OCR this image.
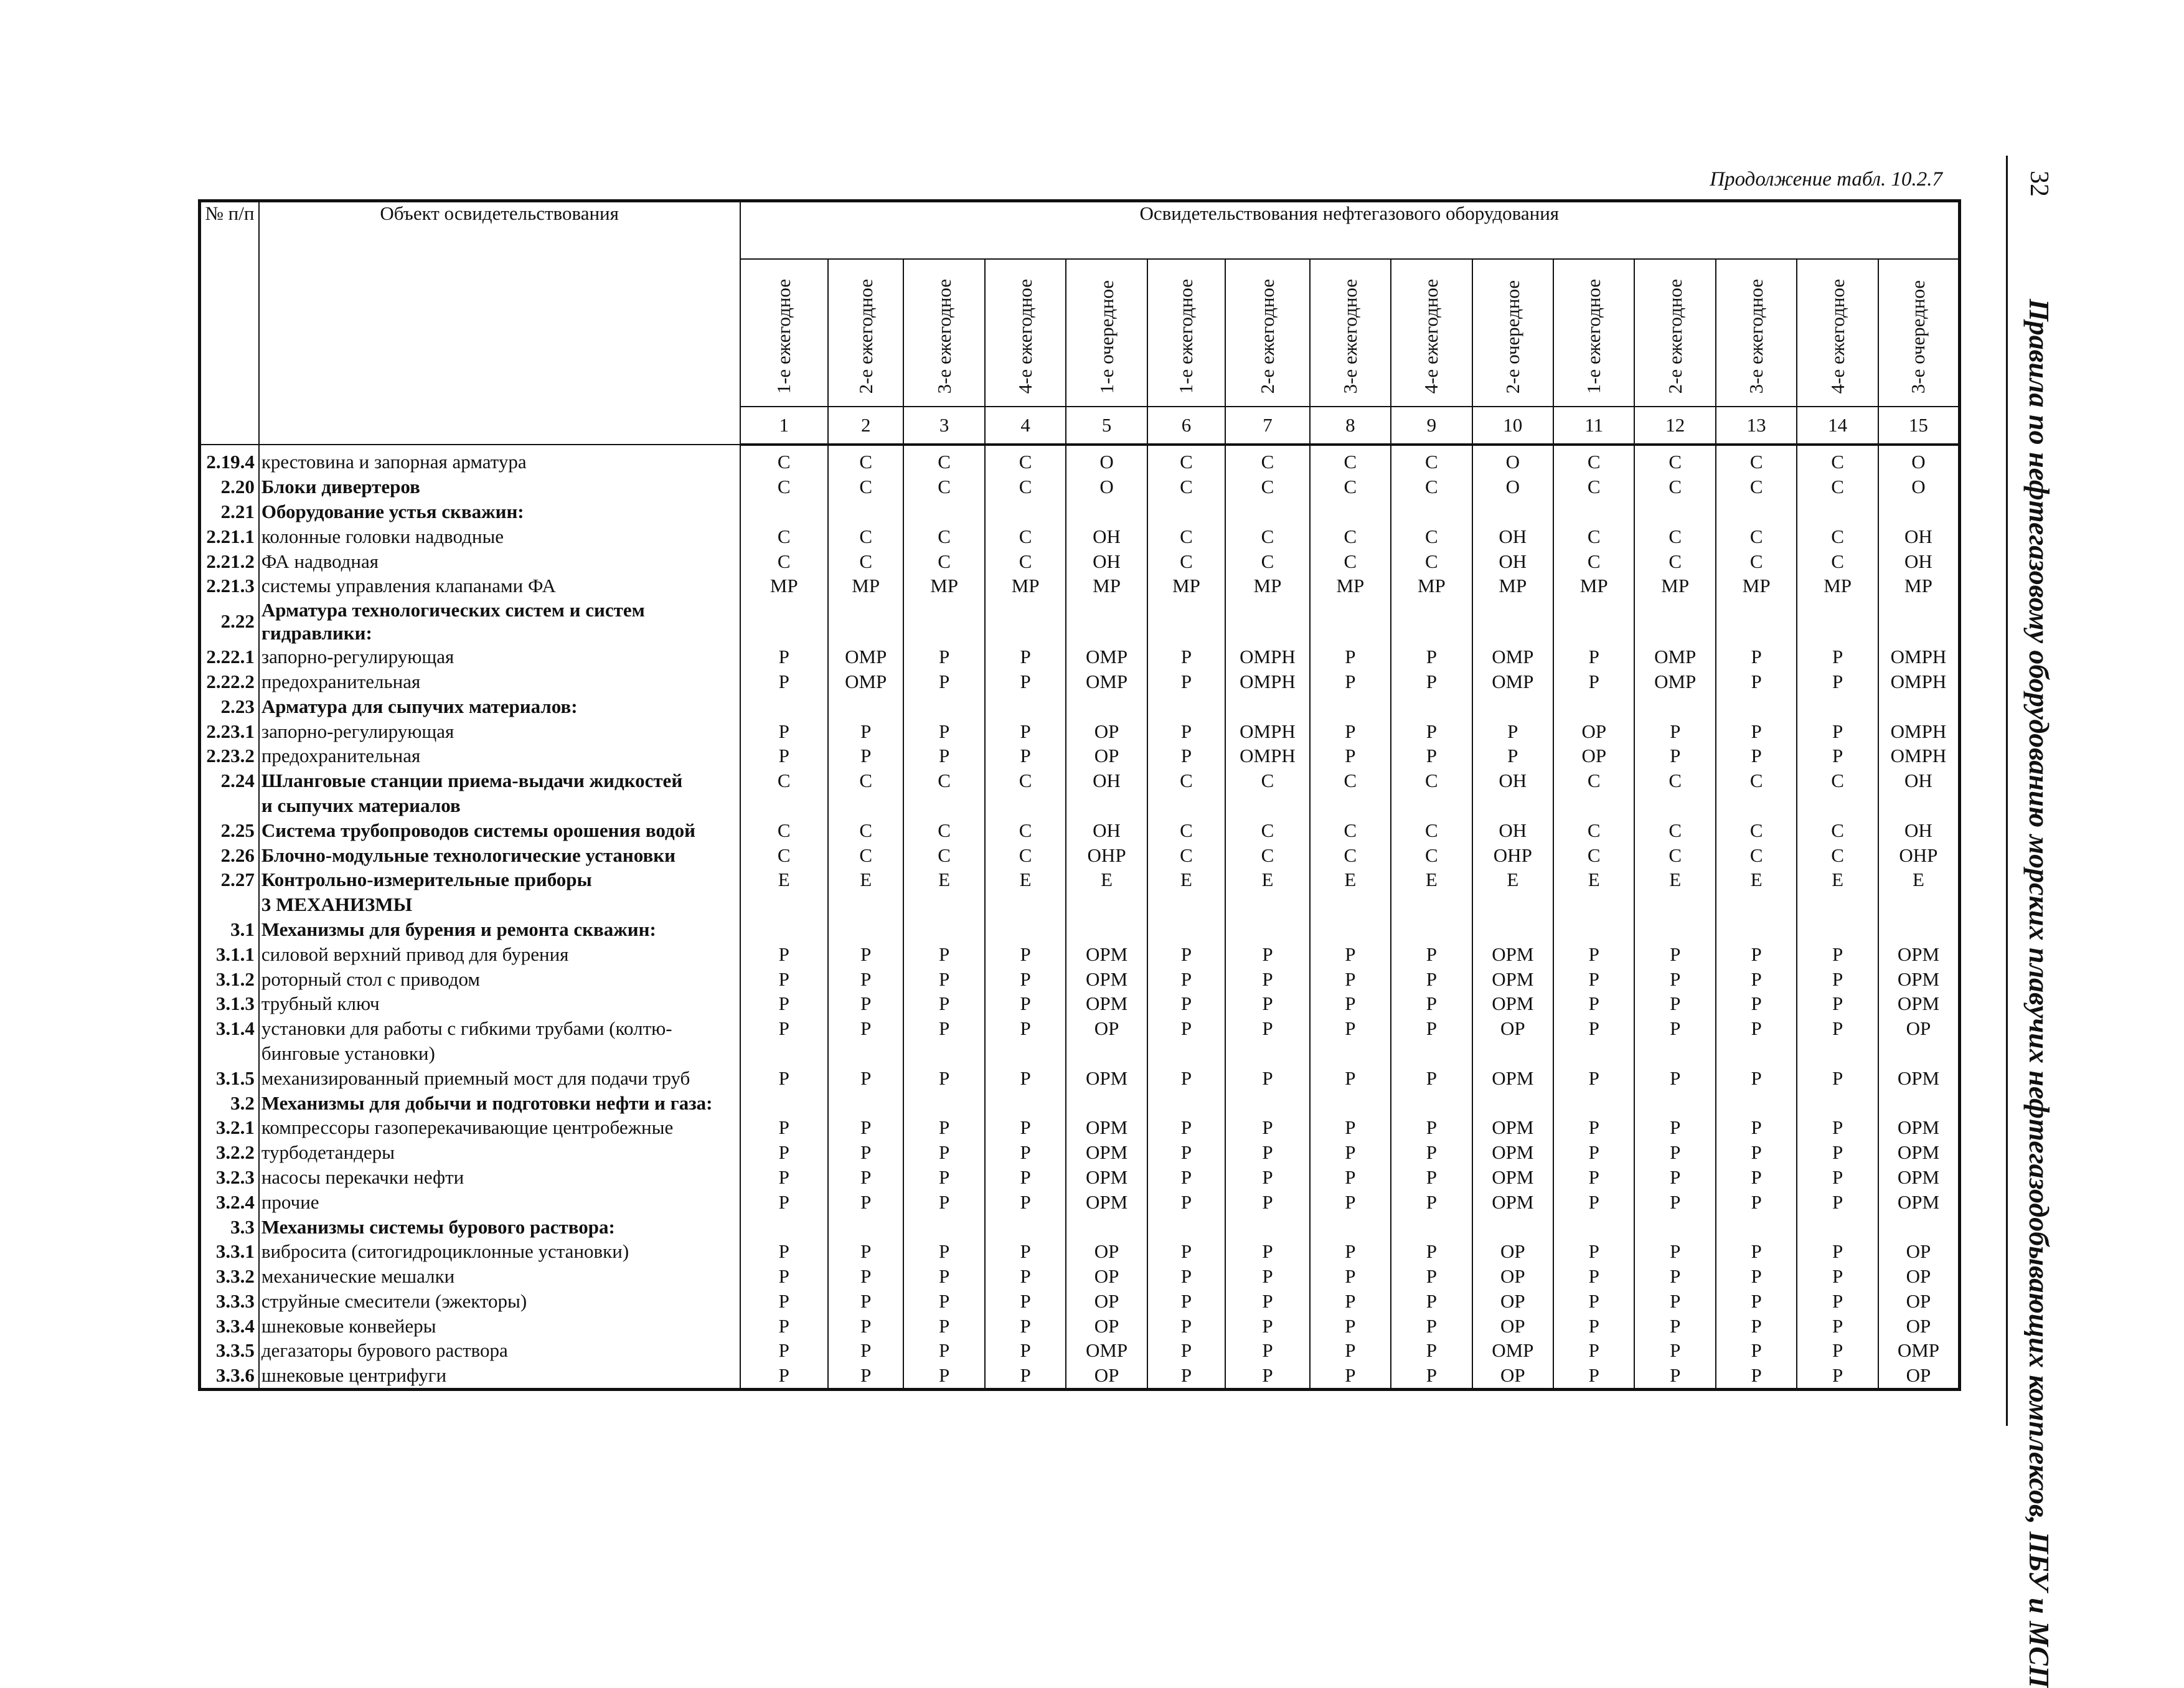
Продолжение табл. 10.2.7	32
Правила по нефтегазовому оборудованию морских плавучих нефтегазодобывающих комплексов, ПБУ и МСП
№ п/п	Объект освидетельствования	Освидетельствования нефтегазового оборудования														
		1-е ежегодное	2-е ежегодное	3-е ежегодное	4-е ежегодное	1-е очередное	1-е ежегодное	2-е ежегодное	3-е ежегодное	4-е ежегодное	2-е очередное	1-е ежегодное	2-е ежегодное	3-е ежегодное	4-е ежегодное	3-е очередное
		1	2	3	4	5	6	7	8	9	10	11	12	13	14	15
2.19.4	крестовина и запорная арматура	С	С	С	С	О	С	С	С	С	О	С	С	С	С	О
2.20	Блоки дивертеров	С	С	С	С	О	С	С	С	С	О	С	С	С	С	О
2.21	Оборудование устья скважин:															
2.21.1	колонные головки надводные	С	С	С	С	ОН	С	С	С	С	ОН	С	С	С	С	ОН
2.21.2	ФА надводная	С	С	С	С	ОН	С	С	С	С	ОН	С	С	С	С	ОН
2.21.3	системы управления клапанами ФА	МР	МР	МР	МР	МР	МР	МР	МР	МР	МР	МР	МР	МР	МР	МР
2.22	Арматура технологических систем и систем гидравлики:															
2.22.1	запорно-регулирующая	Р	ОМР	Р	Р	ОМР	Р	ОМРН	Р	Р	ОМР	Р	ОМР	Р	Р	ОМРН
2.22.2	предохранительная	Р	ОМР	Р	Р	ОМР	Р	ОМРН	Р	Р	ОМР	Р	ОМР	Р	Р	ОМРН
2.23	Арматура для сыпучих материалов:															
2.23.1	запорно-регулирующая	Р	Р	Р	Р	ОР	Р	ОМРН	Р	Р	Р	ОР	Р	Р	Р	ОМРН
2.23.2	предохранительная	Р	Р	Р	Р	ОР	Р	ОМРН	Р	Р	Р	ОР	Р	Р	Р	ОМРН
2.24	Шланговые станции приема-выдачи жидкостей	С	С	С	С	ОН	С	С	С	С	ОН	С	С	С	С	ОН
	и сыпучих материалов															
2.25	Система трубопроводов системы орошения водой	С	С	С	С	ОН	С	С	С	С	ОН	С	С	С	С	ОН
2.26	Блочно-модульные технологические установки	С	С	С	С	ОНР	С	С	С	С	ОНР	С	С	С	С	ОНР
2.27	Контрольно-измерительные приборы	Е	Е	Е	Е	Е	Е	Е	Е	Е	Е	Е	Е	Е	Е	Е
	3 МЕХАНИЗМЫ															
3.1	Механизмы для бурения и ремонта скважин:															
3.1.1	силовой верхний привод для бурения	Р	Р	Р	Р	ОРМ	Р	Р	Р	Р	ОРМ	Р	Р	Р	Р	ОРМ
3.1.2	роторный стол с приводом	Р	Р	Р	Р	ОРМ	Р	Р	Р	Р	ОРМ	Р	Р	Р	Р	ОРМ
3.1.3	трубный ключ	Р	Р	Р	Р	ОРМ	Р	Р	Р	Р	ОРМ	Р	Р	Р	Р	ОРМ
3.1.4	установки для работы с гибкими трубами (колтю-	Р	Р	Р	Р	ОР	Р	Р	Р	Р	ОР	Р	Р	Р	Р	ОР
	бинговые установки)															
3.1.5	механизированный приемный мост для подачи труб	Р	Р	Р	Р	ОРМ	Р	Р	Р	Р	ОРМ	Р	Р	Р	Р	ОРМ
3.2	Механизмы для добычи и подготовки нефти и газа:															
3.2.1	компрессоры газоперекачивающие центробежные	Р	Р	Р	Р	ОРМ	Р	Р	Р	Р	ОРМ	Р	Р	Р	Р	ОРМ
3.2.2	турбодетандеры	Р	Р	Р	Р	ОРМ	Р	Р	Р	Р	ОРМ	Р	Р	Р	Р	ОРМ
3.2.3	насосы перекачки нефти	Р	Р	Р	Р	ОРМ	Р	Р	Р	Р	ОРМ	Р	Р	Р	Р	ОРМ
3.2.4	прочие	Р	Р	Р	Р	ОРМ	Р	Р	Р	Р	ОРМ	Р	Р	Р	Р	ОРМ
3.3	Механизмы системы бурового раствора:															
3.3.1	вибросита (ситогидроциклонные установки)	Р	Р	Р	Р	ОР	Р	Р	Р	Р	ОР	Р	Р	Р	Р	ОР
3.3.2	механические мешалки	Р	Р	Р	Р	ОР	Р	Р	Р	Р	ОР	Р	Р	Р	Р	ОР
3.3.3	струйные смесители (эжекторы)	Р	Р	Р	Р	ОР	Р	Р	Р	Р	ОР	Р	Р	Р	Р	ОР
3.3.4	шнековые конвейеры	Р	Р	Р	Р	ОР	Р	Р	Р	Р	ОР	Р	Р	Р	Р	ОР
3.3.5	дегазаторы бурового раствора	Р	Р	Р	Р	ОМР	Р	Р	Р	Р	ОМР	Р	Р	Р	Р	ОМР
3.3.6	шнековые центрифуги	Р	Р	Р	Р	ОР	Р	Р	Р	Р	ОР	Р	Р	Р	Р	ОР
